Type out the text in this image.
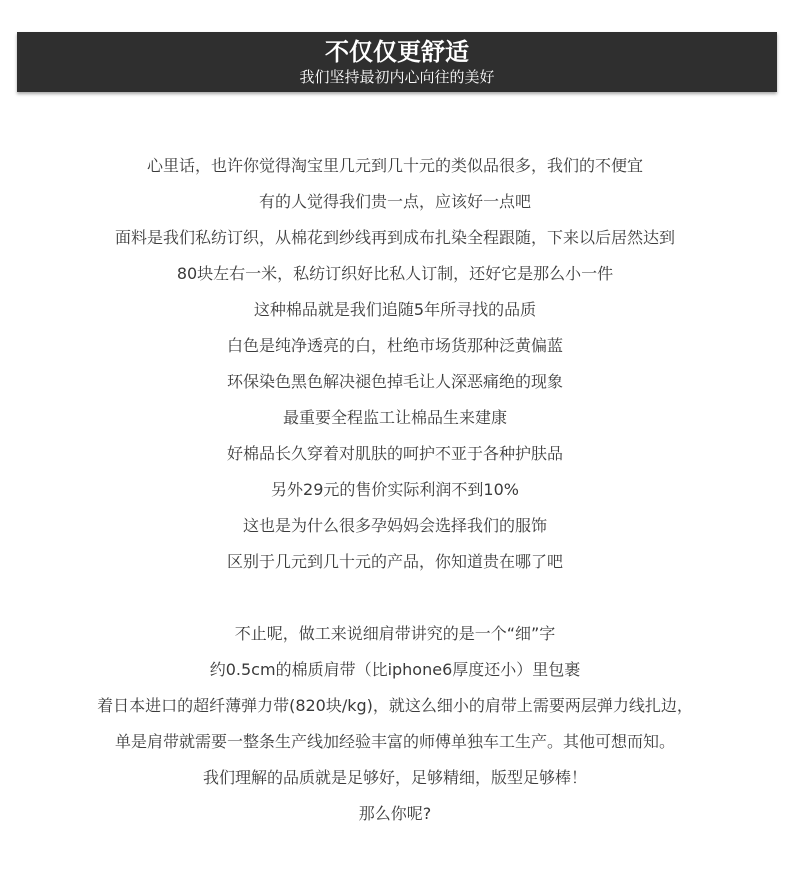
不仅仅更舒适
我们坚持最初内心向往的美好
心里话，也许你觉得淘宝里几元到几十元的类似品很多，我们的不便宜
有的人觉得我们贵一点，应该好一点吧
面料是我们私纺订织，从棉花到纱线再到成布扎染全程跟随，下来以后居然达到
80块左右一米，私纺订织好比私人订制，还好它是那么小一件
这种棉品就是我们追随5年所寻找的品质
白色是纯净透亮的白，杜绝市场货那种泛黄偏蓝
环保染色黑色解决褪色掉毛让人深恶痛绝的现象
最重要全程监工让棉品生来建康
好棉品长久穿着对肌肤的呵护不亚于各种护肤品
另外29元的售价实际利润不到10%
这也是为什么很多孕妈妈会选择我们的服饰
区别于几元到几十元的产品，你知道贵在哪了吧
不止呢，做工来说细肩带讲究的是一个“细”字
约0.5cm的棉质肩带（比iphone6厚度还小）里包裹
着日本进口的超纤薄弹力带(820块/kg)，就这么细小的肩带上需要两层弹力线扎边，
单是肩带就需要一整条生产线加经验丰富的师傅单独车工生产。其他可想而知。
我们理解的品质就是足够好，足够精细，版型足够棒！
那么你呢?
